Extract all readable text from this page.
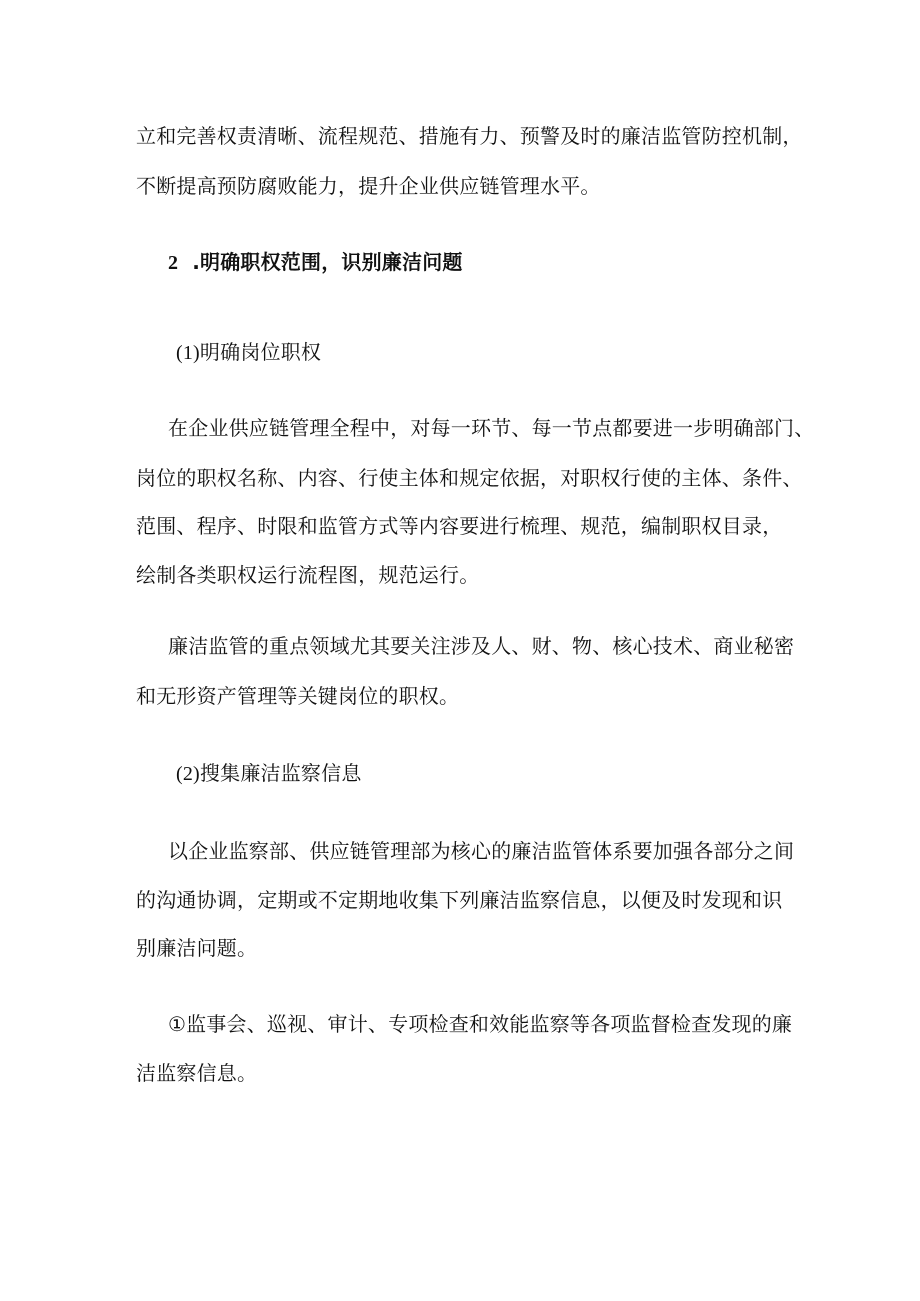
立和完善权责清晰、流程规范、措施有力、预警及时的廉洁监管防控机制，
不断提高预防腐败能力，提升企业供应链管理水平。
2 .明确职权范围，识别廉洁问题
(1)明确岗位职权
在企业供应链管理全程中，对每一环节、每一节点都要进一步明确部门、
岗位的职权名称、内容、行使主体和规定依据，对职权行使的主体、条件、
范围、程序、时限和监管方式等内容要进行梳理、规范，编制职权目录，
绘制各类职权运行流程图，规范运行。
廉洁监管的重点领域尤其要关注涉及人、财、物、核心技术、商业秘密
和无形资产管理等关键岗位的职权。
(2)搜集廉洁监察信息
以企业监察部、供应链管理部为核心的廉洁监管体系要加强各部分之间
的沟通协调，定期或不定期地收集下列廉洁监察信息，以便及时发现和识
别廉洁问题。
①监事会、巡视、审计、专项检查和效能监察等各项监督检查发现的廉
洁监察信息。
